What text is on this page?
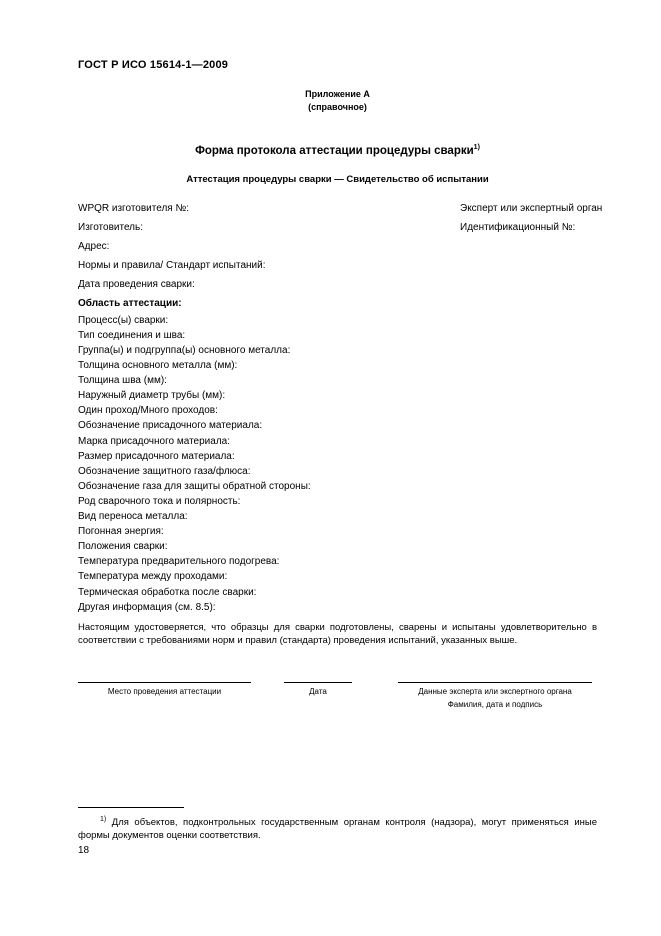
ГОСТ Р ИСО 15614-1—2009
Приложение А
(справочное)
Форма протокола аттестации процедуры сварки$^{1)}$
Аттестация процедуры сварки — Свидетельство об испытании
WPQR изготовителя №:
Изготовитель:
Адрес:
Нормы и правила/ Стандарт испытаний:
Дата проведения сварки:
Эксперт или экспертный орган
Идентификационный №:
Область аттестации:
Процесс(ы) сварки:
Тип соединения и шва:
Группа(ы) и подгруппа(ы) основного металла:
Толщина основного металла (мм):
Толщина шва (мм):
Наружный диаметр трубы (мм):
Один проход/Много проходов:
Обозначение присадочного материала:
Марка присадочного материала:
Размер присадочного материала:
Обозначение защитного газа/флюса:
Обозначение газа для защиты обратной стороны:
Род сварочного тока и полярность:
Вид переноса металла:
Погонная энергия:
Положения сварки:
Температура предварительного подогрева:
Температура между проходами:
Термическая обработка после сварки:
Другая информация (см. 8.5):
Настоящим удостоверяется, что образцы для сварки подготовлены, сварены и испытаны удовлетворительно в соответствии с требованиями норм и правил (стандарта) проведения испытаний, указанных выше.
Место проведения аттестации	Дата	Данные эксперта или экспертного органа
Фамилия, дата и подпись
$^{1)}$ Для объектов, подконтрольных государственным органам контроля (надзора), могут применяться иные формы документов оценки соответствия.
18
